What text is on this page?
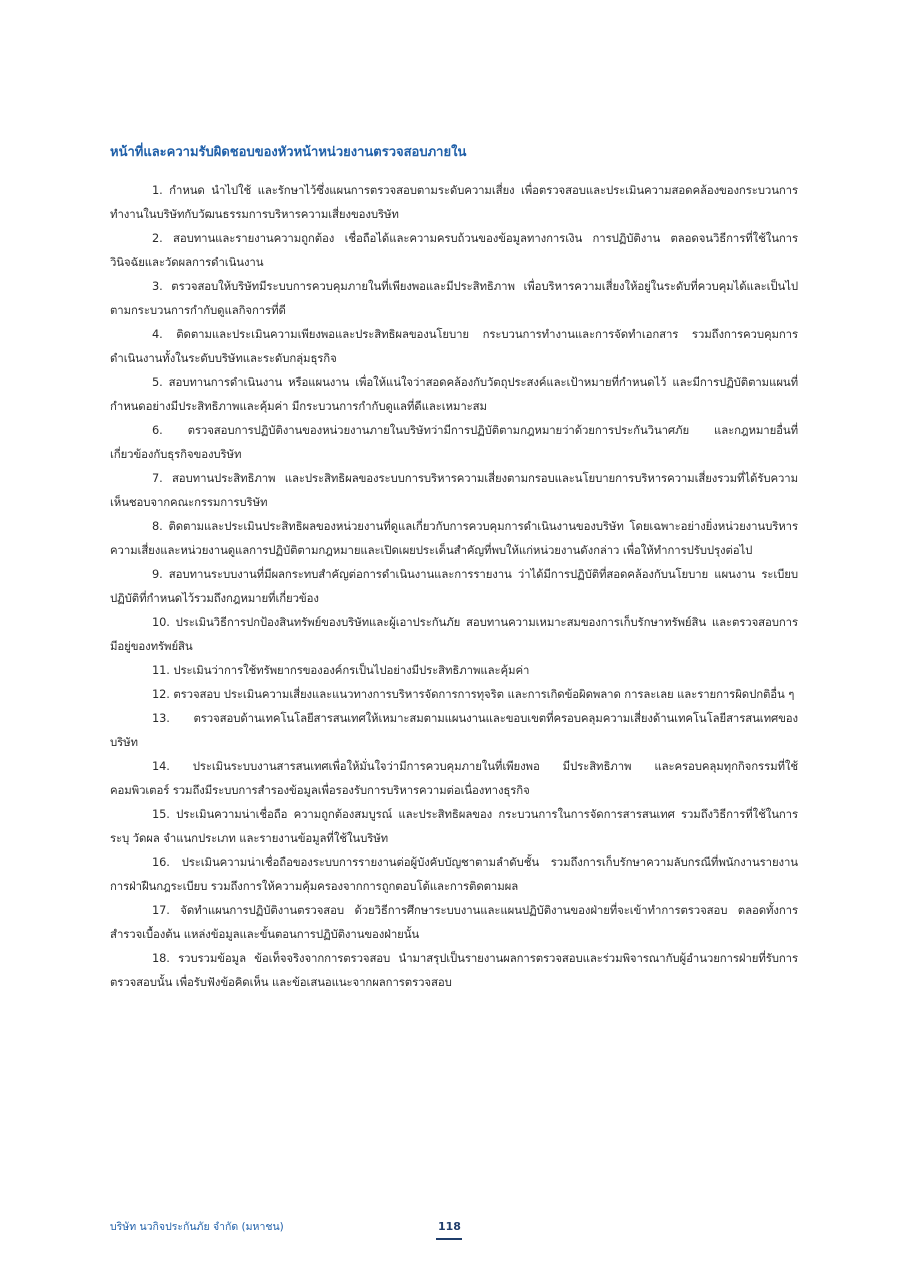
หน้าที่และความรับผิดชอบของหัวหน้าหน่วยงานตรวจสอบภายใน

1. กำหนด นำไปใช้ และรักษาไว้ซึ่งแผนการตรวจสอบตามระดับความเสี่ยง เพื่อตรวจสอบและประเมินความสอดคล้องของกระบวนการทำงานในบริษัทกับวัฒนธรรมการบริหารความเสี่ยงของบริษัท

2. สอบทานและรายงานความถูกต้อง เชื่อถือได้และความครบถ้วนของข้อมูลทางการเงิน การปฏิบัติงาน ตลอดจนวิธีการที่ใช้ในการวินิจฉัยและวัดผลการดำเนินงาน

3. ตรวจสอบให้บริษัทมีระบบการควบคุมภายในที่เพียงพอและมีประสิทธิภาพ เพื่อบริหารความเสี่ยงให้อยู่ในระดับที่ควบคุมได้และเป็นไปตามกระบวนการกำกับดูแลกิจการที่ดี

4. ติดตามและประเมินความเพียงพอและประสิทธิผลของนโยบาย กระบวนการทำงานและการจัดทำเอกสาร รวมถึงการควบคุมการดำเนินงานทั้งในระดับบริษัทและระดับกลุ่มธุรกิจ

5. สอบทานการดำเนินงาน หรือแผนงาน เพื่อให้แน่ใจว่าสอดคล้องกับวัตถุประสงค์และเป้าหมายที่กำหนดไว้ และมีการปฏิบัติตามแผนที่กำหนดอย่างมีประสิทธิภาพและคุ้มค่า มีกระบวนการกำกับดูแลที่ดีและเหมาะสม

6. ตรวจสอบการปฏิบัติงานของหน่วยงานภายในบริษัทว่ามีการปฏิบัติตามกฎหมายว่าด้วยการประกันวินาศภัย และกฎหมายอื่นที่เกี่ยวข้องกับธุรกิจของบริษัท

7. สอบทานประสิทธิภาพ และประสิทธิผลของระบบการบริหารความเสี่ยงตามกรอบและนโยบายการบริหารความเสี่ยงรวมที่ได้รับความเห็นชอบจากคณะกรรมการบริษัท

8. ติดตามและประเมินประสิทธิผลของหน่วยงานที่ดูแลเกี่ยวกับการควบคุมการดำเนินงานของบริษัท โดยเฉพาะอย่างยิ่งหน่วยงานบริหารความเสี่ยงและหน่วยงานดูแลการปฏิบัติตามกฎหมายและเปิดเผยประเด็นสำคัญที่พบให้แก่หน่วยงานดังกล่าว เพื่อให้ทำการปรับปรุงต่อไป

9. สอบทานระบบงานที่มีผลกระทบสำคัญต่อการดำเนินงานและการรายงาน ว่าได้มีการปฏิบัติที่สอดคล้องกับนโยบาย แผนงาน ระเบียบปฏิบัติที่กำหนดไว้รวมถึงกฎหมายที่เกี่ยวข้อง

10. ประเมินวิธีการปกป้องสินทรัพย์ของบริษัทและผู้เอาประกันภัย สอบทานความเหมาะสมของการเก็บรักษาทรัพย์สิน และตรวจสอบการมีอยู่ของทรัพย์สิน

11. ประเมินว่าการใช้ทรัพยากรขององค์กรเป็นไปอย่างมีประสิทธิภาพและคุ้มค่า

12. ตรวจสอบ ประเมินความเสี่ยงและแนวทางการบริหารจัดการการทุจริต และการเกิดข้อผิดพลาด การละเลย และรายการผิดปกติอื่น ๆ

13. ตรวจสอบด้านเทคโนโลยีสารสนเทศให้เหมาะสมตามแผนงานและขอบเขตที่ครอบคลุมความเสี่ยงด้านเทคโนโลยีสารสนเทศของบริษัท

14. ประเมินระบบงานสารสนเทศเพื่อให้มั่นใจว่ามีการควบคุมภายในที่เพียงพอ มีประสิทธิภาพ และครอบคลุมทุกกิจกรรมที่ใช้คอมพิวเตอร์ รวมถึงมีระบบการสำรองข้อมูลเพื่อรองรับการบริหารความต่อเนื่องทางธุรกิจ

15. ประเมินความน่าเชื่อถือ ความถูกต้องสมบูรณ์ และประสิทธิผลของ กระบวนการในการจัดการสารสนเทศ รวมถึงวิธีการที่ใช้ในการระบุ วัดผล จำแนกประเภท และรายงานข้อมูลที่ใช้ในบริษัท

16. ประเมินความน่าเชื่อถือของระบบการรายงานต่อผู้บังคับบัญชาตามลำดับชั้น รวมถึงการเก็บรักษาความลับกรณีที่พนักงานรายงานการฝ่าฝืนกฎระเบียบ รวมถึงการให้ความคุ้มครองจากการถูกตอบโต้และการติดตามผล

17. จัดทำแผนการปฏิบัติงานตรวจสอบ ด้วยวิธีการศึกษาระบบงานและแผนปฏิบัติงานของฝ่ายที่จะเข้าทำการตรวจสอบ ตลอดทั้งการสำรวจเบื้องต้น แหล่งข้อมูลและขั้นตอนการปฏิบัติงานของฝ่ายนั้น

18. รวบรวมข้อมูล ข้อเท็จจริงจากการตรวจสอบ นำมาสรุปเป็นรายงานผลการตรวจสอบและร่วมพิจารณากับผู้อำนวยการฝ่ายที่รับการตรวจสอบนั้น เพื่อรับฟังข้อคิดเห็น และข้อเสนอแนะจากผลการตรวจสอบ

บริษัท นวกิจประกันภัย จำกัด (มหาชน)	118
